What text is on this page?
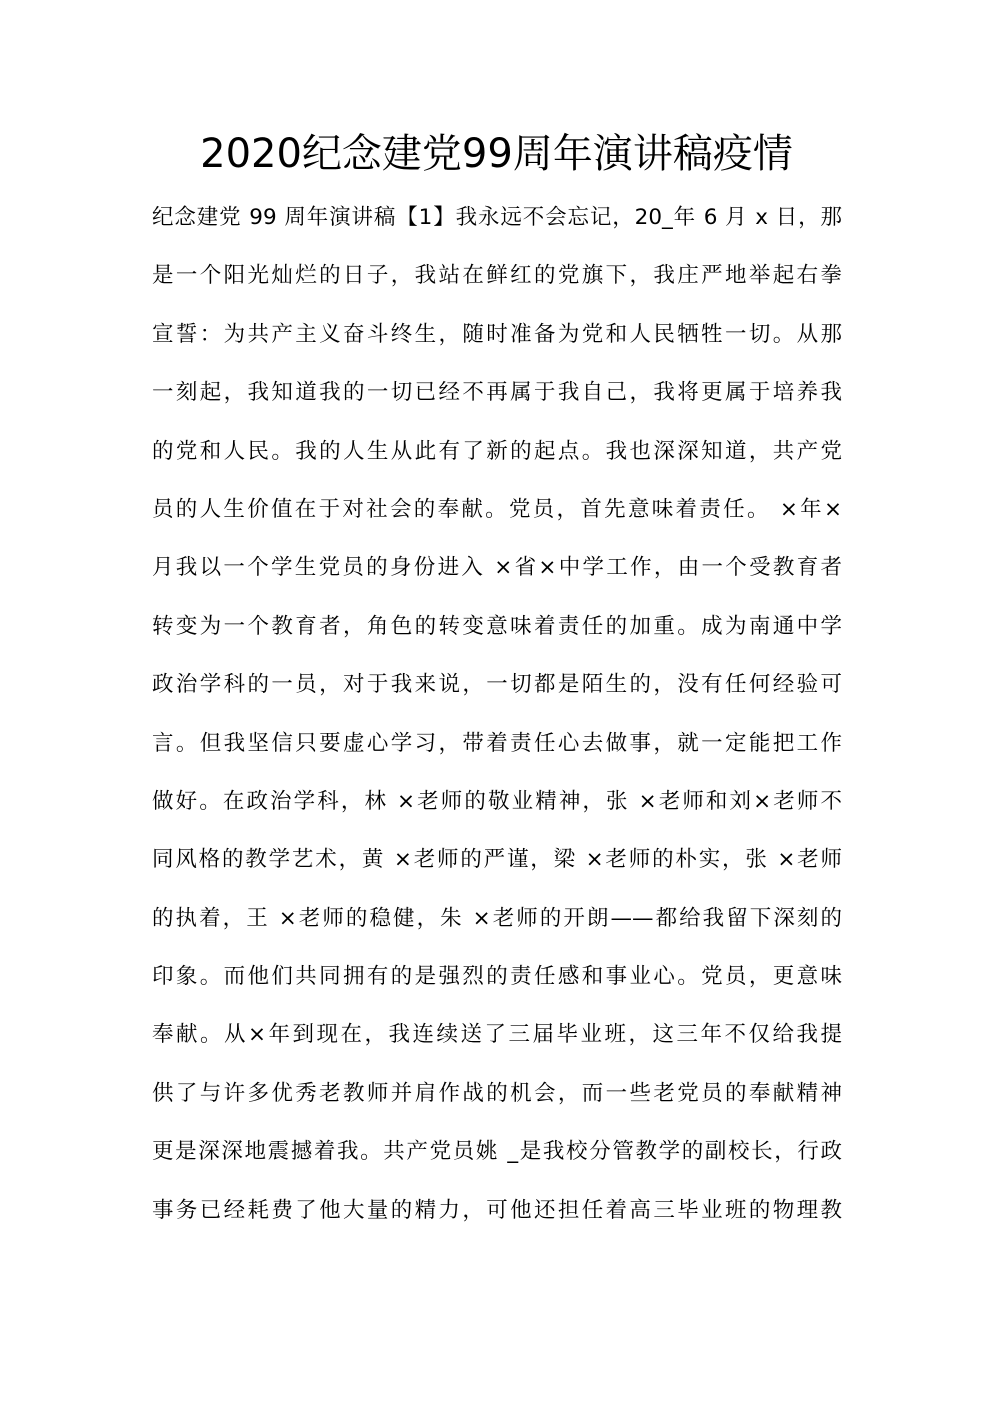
2020纪念建党99周年演讲稿疫情
纪念建党 99 周年演讲稿【1】我永远不会忘记，20_年 6 月 x 日，那
是一个阳光灿烂的日子，我站在鲜红的党旗下，我庄严地举起右拳
宣誓：为共产主义奋斗终生，随时准备为党和人民牺牲一切。从那
一刻起，我知道我的一切已经不再属于我自己，我将更属于培养我
的党和人民。我的人生从此有了新的起点。我也深深知道，共产党
员的人生价值在于对社会的奉献。党员，首先意味着责任。 ×年×
月我以一个学生党员的身份进入 ×省×中学工作，由一个受教育者
转变为一个教育者，角色的转变意味着责任的加重。成为南通中学
政治学科的一员，对于我来说，一切都是陌生的，没有任何经验可
言。但我坚信只要虚心学习，带着责任心去做事，就一定能把工作
做好。在政治学科，林 ×老师的敬业精神，张 ×老师和刘×老师不
同风格的教学艺术，黄 ×老师的严谨，梁 ×老师的朴实，张 ×老师
的执着，王 ×老师的稳健，朱 ×老师的开朗——都给我留下深刻的
印象。而他们共同拥有的是强烈的责任感和事业心。党员，更意味
奉献。从×年到现在，我连续送了三届毕业班，这三年不仅给我提
供了与许多优秀老教师并肩作战的机会，而一些老党员的奉献精神
更是深深地震撼着我。共产党员姚 _是我校分管教学的副校长，行政
事务已经耗费了他大量的精力，可他还担任着高三毕业班的物理教
